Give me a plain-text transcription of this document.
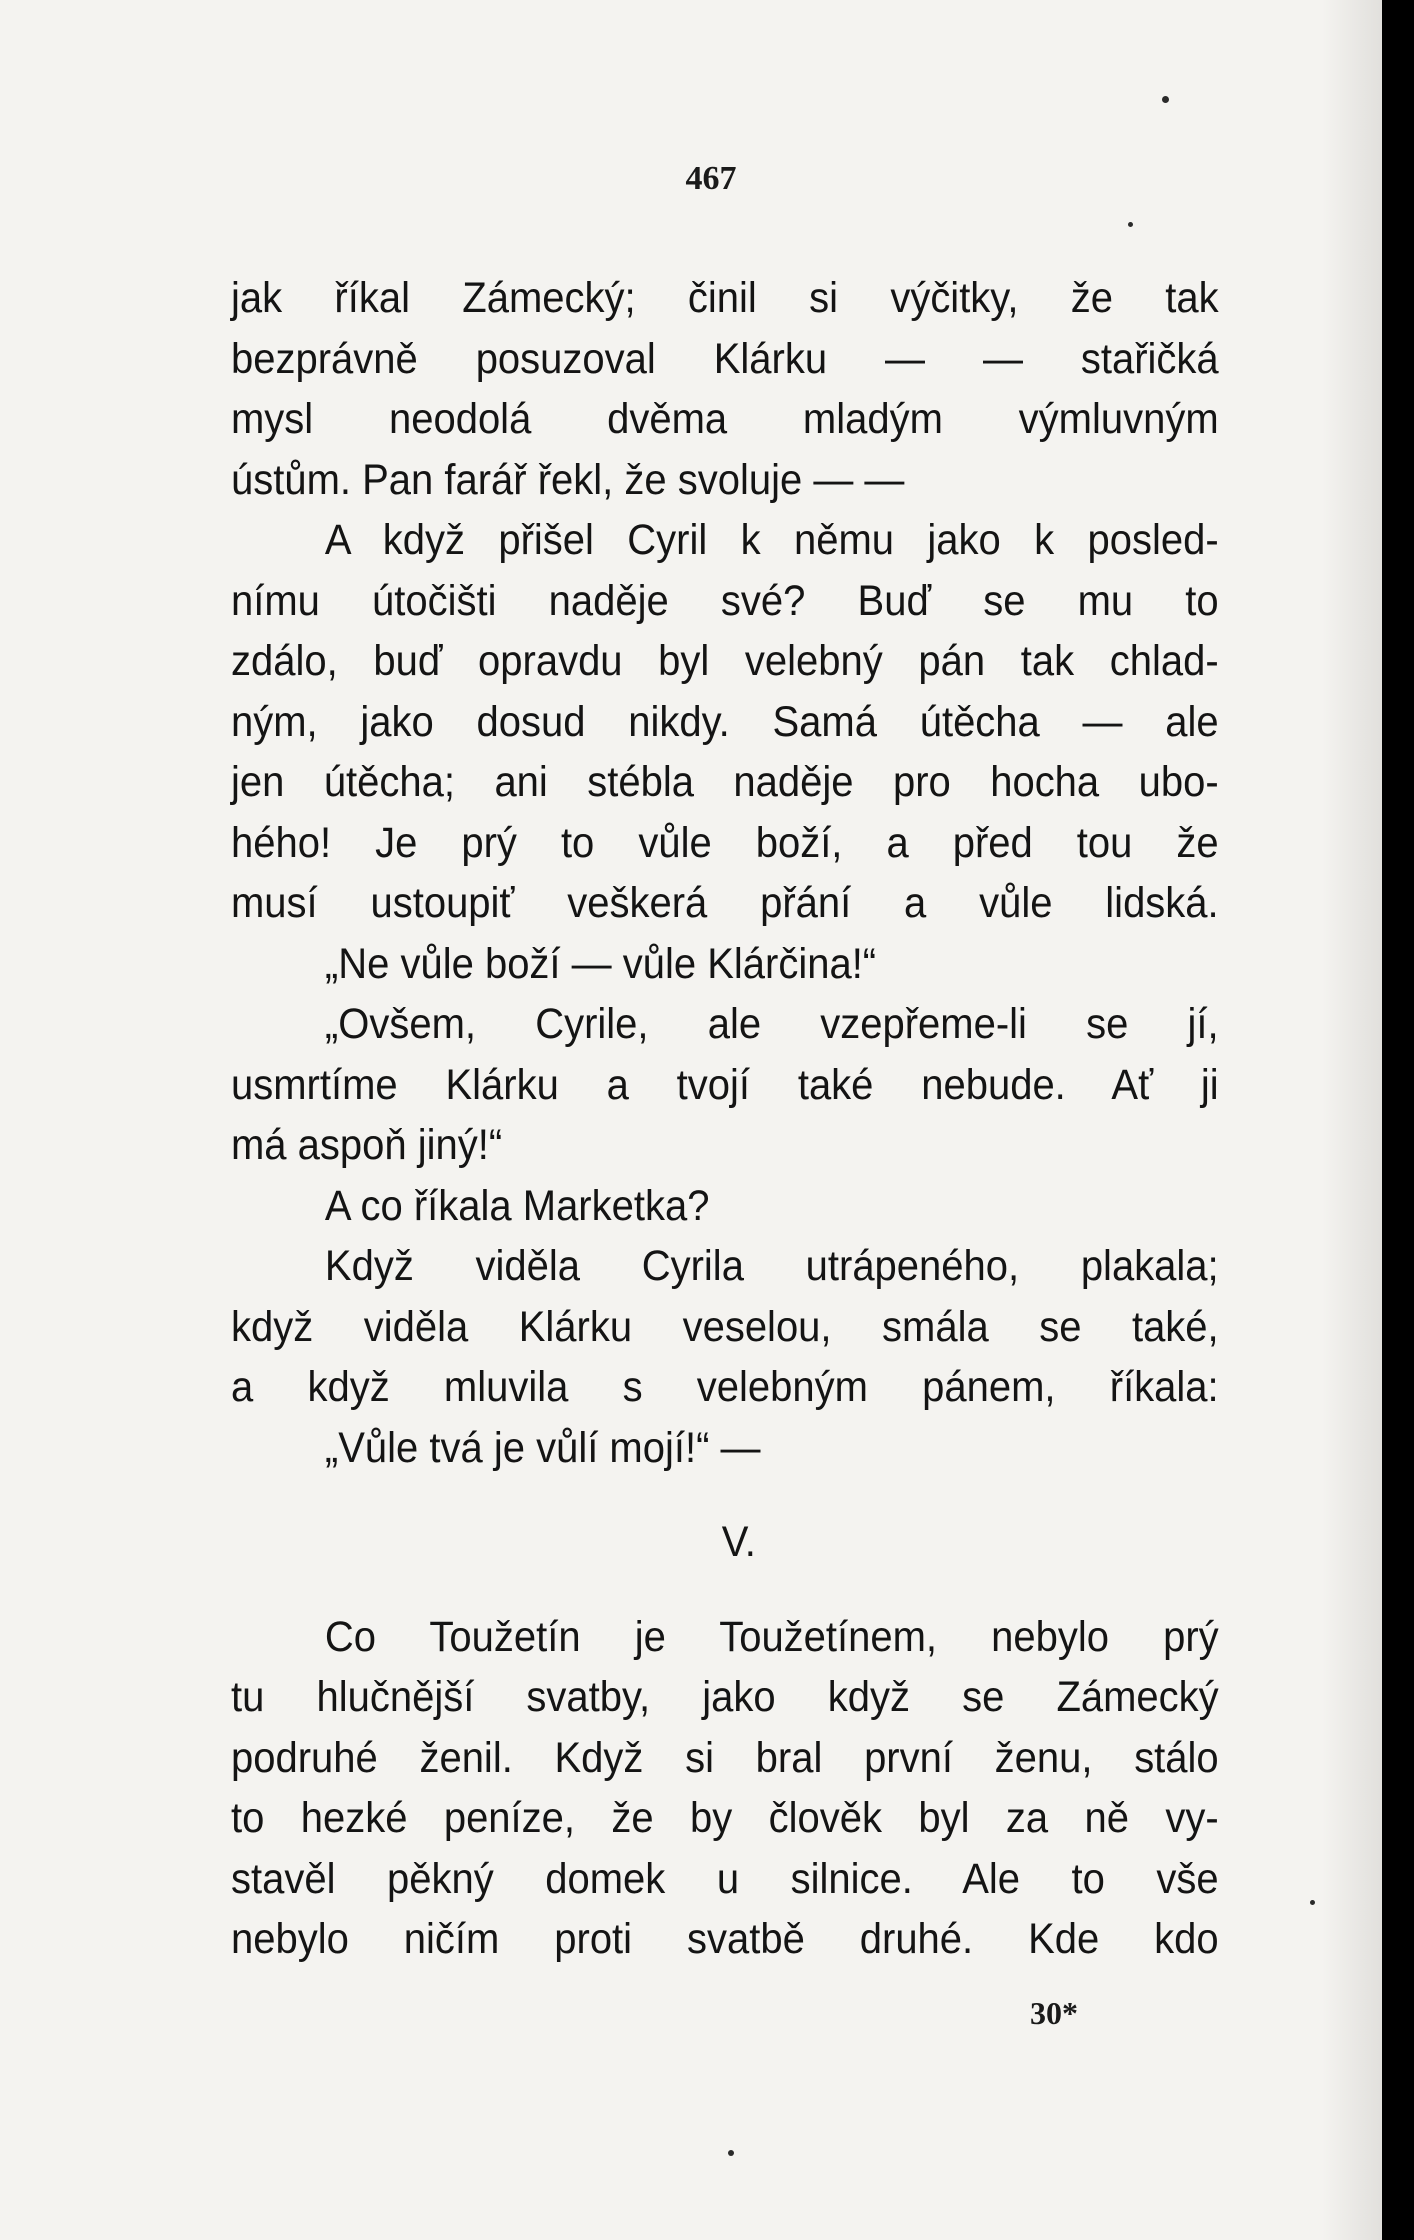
467
jak říkal Zámecký; činil si výčitky, že tak
bezprávně posuzoval Klárku — — stařičká
mysl neodolá dvěma mladým výmluvným
ústům. Pan farář řekl, že svoluje — —
A když přišel Cyril k němu jako k posled-
nímu útočišti naděje své? Buď se mu to
zdálo, buď opravdu byl velebný pán tak chlad-
ným, jako dosud nikdy. Samá útěcha — ale
jen útěcha; ani stébla naděje pro hocha ubo-
hého! Je prý to vůle boží, a před tou že
musí ustoupiť veškerá přání a vůle lidská.
„Ne vůle boží — vůle Klárčina!“
„Ovšem, Cyrile, ale vzepřeme-li se jí,
usmrtíme Klárku a tvojí také nebude. Ať ji
má aspoň jiný!“
A co říkala Marketka?
Když viděla Cyrila utrápeného, plakala;
když viděla Klárku veselou, smála se také,
a když mluvila s velebným pánem, říkala:
„Vůle tvá je vůlí mojí!“ —
V.
Co Toužetín je Toužetínem, nebylo prý
tu hlučnější svatby, jako když se Zámecký
podruhé ženil. Když si bral první ženu, stálo
to hezké peníze, že by člověk byl za ně vy-
stavěl pěkný domek u silnice. Ale to vše
nebylo ničím proti svatbě druhé. Kde kdo
30*
